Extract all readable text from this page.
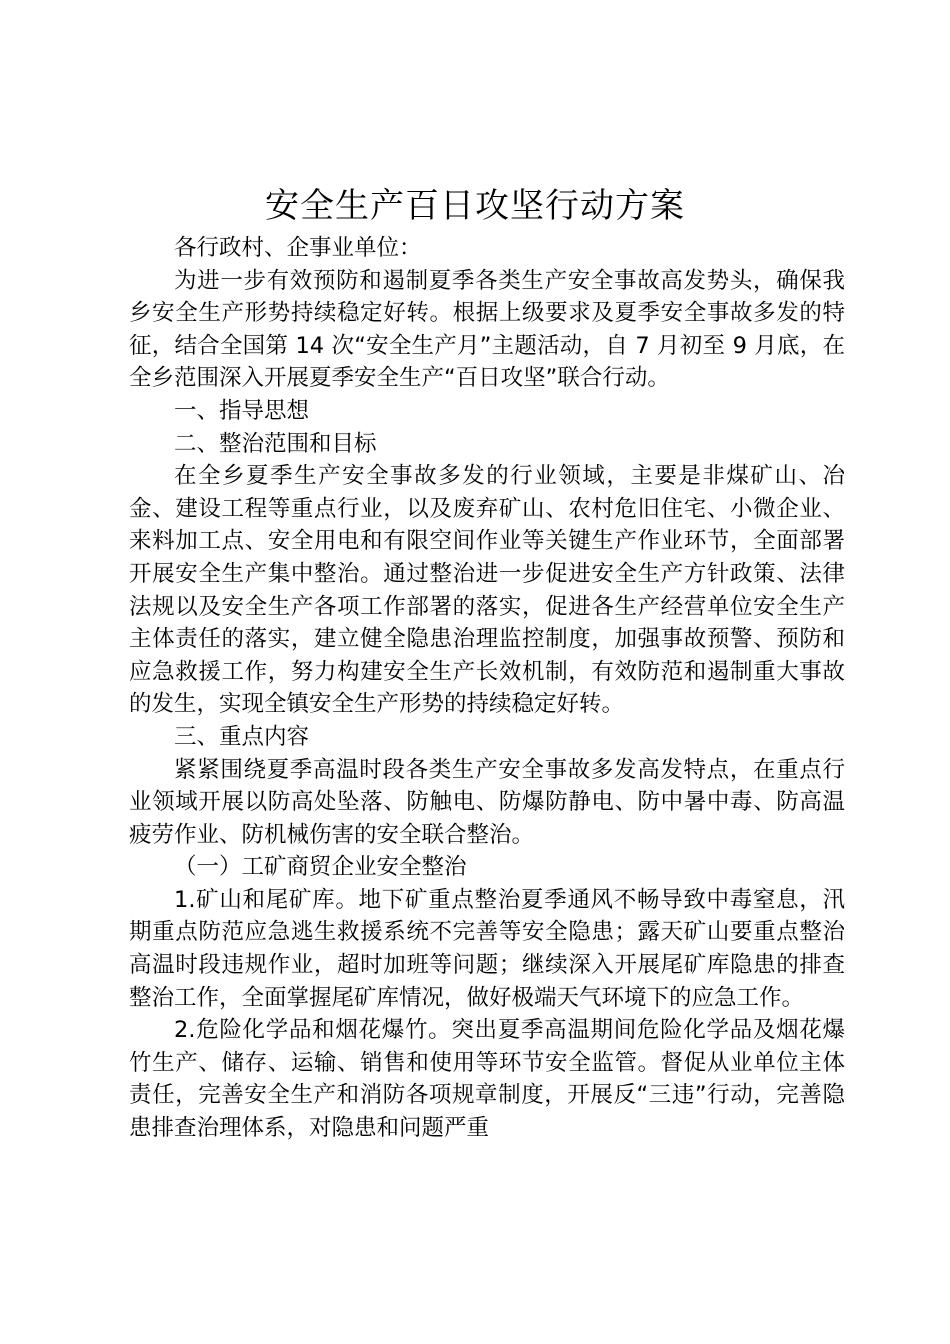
安全生产百日攻坚行动方案

各行政村、企事业单位：

为进一步有效预防和遏制夏季各类生产安全事故高发势头，确保我乡安全生产形势持续稳定好转。根据上级要求及夏季安全事故多发的特征，结合全国第 14 次“安全生产月”主题活动，自 7 月初至 9 月底，在全乡范围深入开展夏季安全生产“百日攻坚”联合行动。

一、指导思想

二、整治范围和目标

在全乡夏季生产安全事故多发的行业领域，主要是非煤矿山、冶金、建设工程等重点行业，以及废弃矿山、农村危旧住宅、小微企业、来料加工点、安全用电和有限空间作业等关键生产作业环节，全面部署开展安全生产集中整治。通过整治进一步促进安全生产方针政策、法律法规以及安全生产各项工作部署的落实，促进各生产经营单位安全生产主体责任的落实，建立健全隐患治理监控制度，加强事故预警、预防和应急救援工作，努力构建安全生产长效机制，有效防范和遏制重大事故的发生，实现全镇安全生产形势的持续稳定好转。

三、重点内容

紧紧围绕夏季高温时段各类生产安全事故多发高发特点，在重点行业领域开展以防高处坠落、防触电、防爆防静电、防中暑中毒、防高温疲劳作业、防机械伤害的安全联合整治。

（一）工矿商贸企业安全整治

1.矿山和尾矿库。地下矿重点整治夏季通风不畅导致中毒窒息，汛期重点防范应急逃生救援系统不完善等安全隐患；露天矿山要重点整治高温时段违规作业，超时加班等问题；继续深入开展尾矿库隐患的排查整治工作，全面掌握尾矿库情况，做好极端天气环境下的应急工作。

2.危险化学品和烟花爆竹。突出夏季高温期间危险化学品及烟花爆竹生产、储存、运输、销售和使用等环节安全监管。督促从业单位主体责任，完善安全生产和消防各项规章制度，开展反“三违”行动，完善隐患排查治理体系，对隐患和问题严重
